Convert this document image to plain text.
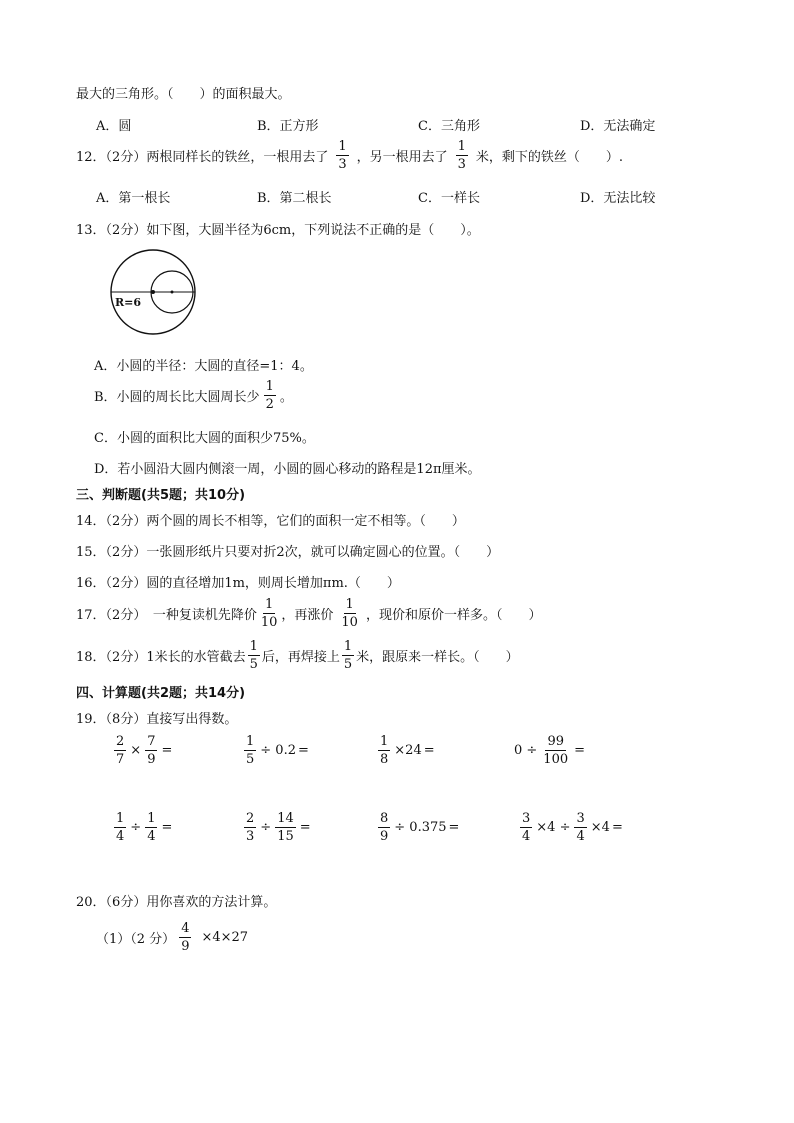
最大的三角形。（　　）的面积最大。
A．圆	B．正方形	C．三角形	D．无法确定
12．（2分）两根同样长的铁丝，一根用去了 $\frac{1}{3}$ ，另一根用去了 $\frac{1}{3}$ 米，剩下的铁丝（　　）.
A．第一根长	B．第二根长	C．一样长	D．无法比较
13．（2分）如下图，大圆半径为6cm，下列说法不正确的是（　　）。
R=6
A．小圆的半径：大圆的直径=1：4。
B．小圆的周长比大圆周长少 $\frac{1}{2}$ 。
C．小圆的面积比大圆的面积少75%。
D．若小圆沿大圆内侧滚一周，小圆的圆心移动的路程是12π厘米。
三、判断题(共5题；共10分)
14．（2分）两个圆的周长不相等，它们的面积一定不相等。（　　）
15．（2分）一张圆形纸片只要对折2次，就可以确定圆心的位置。（　　）
16．（2分）圆的直径增加1m，则周长增加πm.（　　）
17．（2分）　一种复读机先降价 $\frac{1}{10}$ ，再涨价 $\frac{1}{10}$ ，现价和原价一样多。（　　）
18．（2分）1米长的水管截去 $\frac{1}{5}$ 后，再焊接上 $\frac{1}{5}$ 米，跟原来一样长。（　　）
四、计算题(共2题；共14分)
19．（8分）直接写出得数。
$\frac{2}{7} \times \frac{7}{9}$ =	$\frac{1}{5} \div 0.2$ =	$\frac{1}{8} \times 24$ =	$0 \div \frac{99}{100}$ =
$\frac{1}{4} \div \frac{1}{4}$ =	$\frac{2}{3} \div \frac{14}{15}$ =	$\frac{8}{9} \div 0.375$ =	$\frac{3}{4} \times 4 \div \frac{3}{4} \times 4$ =
20．（6分）用你喜欢的方法计算。
（1）（2 分） $\frac{4}{9} \times 4\times 27$
